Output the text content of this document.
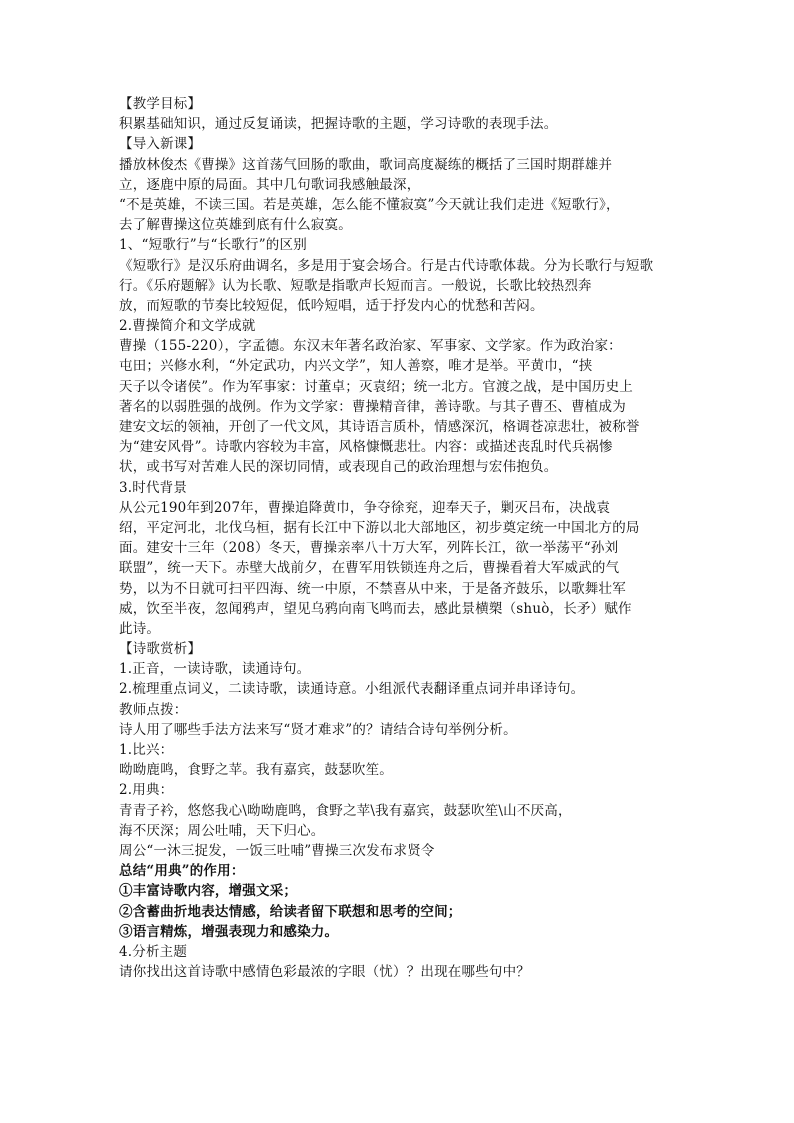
【教学目标】
积累基础知识，通过反复诵读，把握诗歌的主题，学习诗歌的表现手法。
【导入新课】
播放林俊杰《曹操》这首荡气回肠的歌曲，歌词高度凝练的概括了三国时期群雄并
立，逐鹿中原的局面。其中几句歌词我感触最深，
“不是英雄，不读三国。若是英雄，怎么能不懂寂寞”今天就让我们走进《短歌行》，
去了解曹操这位英雄到底有什么寂寞。
1、“短歌行”与“长歌行”的区别
《短歌行》是汉乐府曲调名，多是用于宴会场合。行是古代诗歌体裁。分为长歌行与短歌
行。《乐府题解》认为长歌、短歌是指歌声长短而言。一般说，长歌比较热烈奔
放，而短歌的节奏比较短促，低吟短唱，适于抒发内心的忧愁和苦闷。
2.曹操简介和文学成就
曹操（155-220），字孟德。东汉末年著名政治家、军事家、文学家。作为政治家：
屯田；兴修水利，“外定武功，内兴文学”，知人善察，唯才是举。平黄巾，“挟
天子以令诸侯”。作为军事家：讨董卓；灭袁绍；统一北方。官渡之战，是中国历史上
著名的以弱胜强的战例。作为文学家：曹操精音律，善诗歌。与其子曹丕、曹植成为
建安文坛的领袖，开创了一代文风，其诗语言质朴，情感深沉，格调苍凉悲壮，被称誉
为“建安风骨”。诗歌内容较为丰富，风格慷慨悲壮。内容：或描述丧乱时代兵祸惨
状，或书写对苦难人民的深切同情，或表现自己的政治理想与宏伟抱负。
3.时代背景
从公元190年到207年，曹操追降黄巾，争夺徐兖，迎奉天子，剿灭吕布，决战袁
绍，平定河北，北伐乌桓，据有长江中下游以北大部地区，初步奠定统一中国北方的局
面。建安十三年（208）冬天，曹操亲率八十万大军，列阵长江，欲一举荡平“孙刘
联盟”，统一天下。赤壁大战前夕，在曹军用铁锁连舟之后，曹操看着大军威武的气
势，以为不日就可扫平四海、统一中原，不禁喜从中来，于是备齐鼓乐，以歌舞壮军
威，饮至半夜，忽闻鸦声，望见乌鸦向南飞鸣而去，感此景横槊（shuò，长矛）赋作
此诗。
【诗歌赏析】
1.正音，一读诗歌，读通诗句。
2.梳理重点词义，二读诗歌，读通诗意。小组派代表翻译重点词并串译诗句。
教师点拨：
诗人用了哪些手法方法来写“贤才难求”的？请结合诗句举例分析。
1.比兴：
呦呦鹿鸣，食野之苹。我有嘉宾，鼓瑟吹笙。
2.用典：
青青子衿，悠悠我心\呦呦鹿鸣，食野之苹\我有嘉宾，鼓瑟吹笙\山不厌高，
海不厌深；周公吐哺，天下归心。
周公“一沐三捉发，一饭三吐哺”曹操三次发布求贤令
总结“用典”的作用：
①丰富诗歌内容，增强文采；
②含蓄曲折地表达情感，给读者留下联想和思考的空间；
③语言精炼，增强表现力和感染力。
4.分析主题
请你找出这首诗歌中感情色彩最浓的字眼（忧）？出现在哪些句中？
